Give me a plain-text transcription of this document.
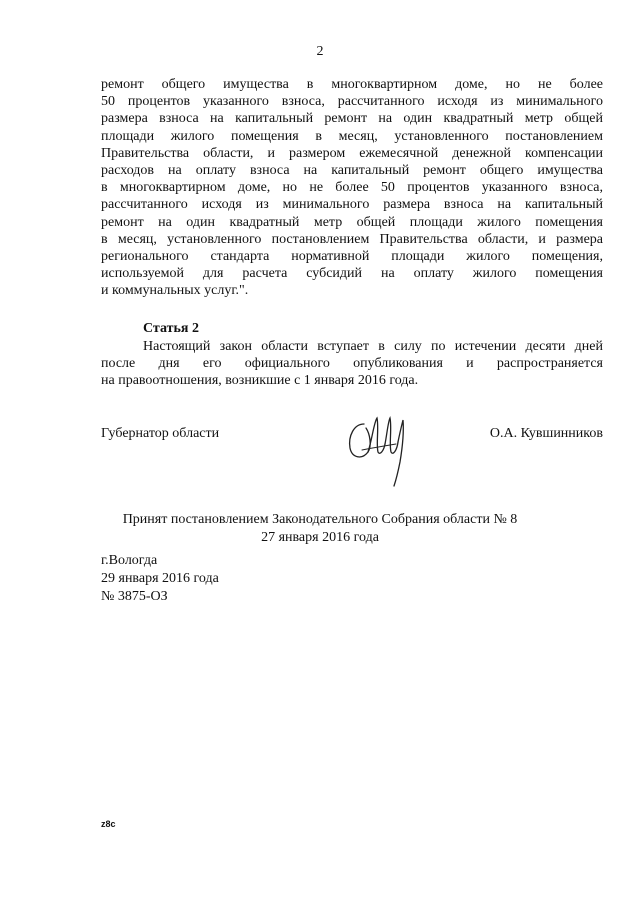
2
ремонт общего имущества в многоквартирном доме, но не более
50 процентов указанного взноса, рассчитанного исходя из минимального
размера взноса на капитальный ремонт на один квадратный метр общей
площади жилого помещения в месяц, установленного постановлением
Правительства области, и размером ежемесячной денежной компенсации
расходов на оплату взноса на капитальный ремонт общего имущества
в многоквартирном доме, но не более 50 процентов указанного взноса,
рассчитанного исходя из минимального размера взноса на капитальный
ремонт на один квадратный метр общей площади жилого помещения
в месяц, установленного постановлением Правительства области, и размера
регионального стандарта нормативной площади жилого помещения,
используемой для расчета субсидий на оплату жилого помещения
и коммунальных услуг.".
Статья 2
Настоящий закон области вступает в силу по истечении десяти дней
после дня его официального опубликования и распространяется
на правоотношения, возникшие с 1 января 2016 года.
Губернатор области	О.А. Кувшинников
Принят постановлением Законодательного Собрания области № 8
27 января 2016 года
г.Вологда
29 января 2016 года
№ 3875-ОЗ
z8c
